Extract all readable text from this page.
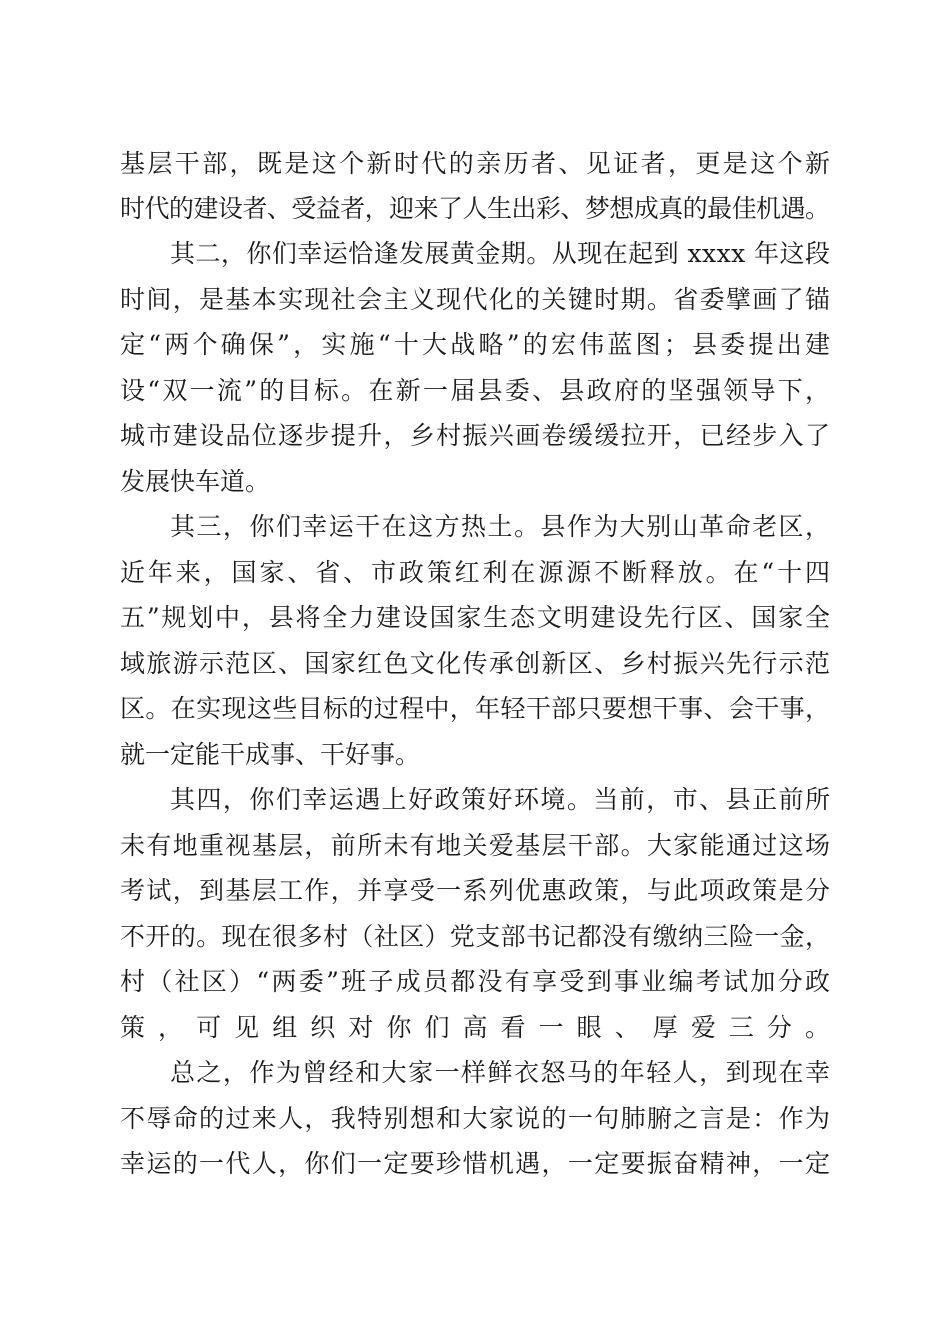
基层干部，既是这个新时代的亲历者、见证者，更是这个新
时代的建设者、受益者，迎来了人生出彩、梦想成真的最佳机遇。
其二，你们幸运恰逢发展黄金期。从现在起到 xxxx 年这段
时间，是基本实现社会主义现代化的关键时期。省委擘画了锚
定“两个确保”，实施“十大战略”的宏伟蓝图；县委提出建
设“双一流”的目标。在新一届县委、县政府的坚强领导下，
城市建设品位逐步提升，乡村振兴画卷缓缓拉开，已经步入了
发展快车道。
其三，你们幸运干在这方热土。县作为大别山革命老区，
近年来，国家、省、市政策红利在源源不断释放。在“十四
五”规划中，县将全力建设国家生态文明建设先行区、国家全
域旅游示范区、国家红色文化传承创新区、乡村振兴先行示范
区。在实现这些目标的过程中，年轻干部只要想干事、会干事，
就一定能干成事、干好事。
其四，你们幸运遇上好政策好环境。当前，市、县正前所
未有地重视基层，前所未有地关爱基层干部。大家能通过这场
考试，到基层工作，并享受一系列优惠政策，与此项政策是分
不开的。现在很多村（社区）党支部书记都没有缴纳三险一金，
村（社区）“两委”班子成员都没有享受到事业编考试加分政
策，可见组织对你们高看一眼、厚爱三分。
总之，作为曾经和大家一样鲜衣怒马的年轻人，到现在幸
不辱命的过来人，我特别想和大家说的一句肺腑之言是：作为
幸运的一代人，你们一定要珍惜机遇，一定要振奋精神，一定
